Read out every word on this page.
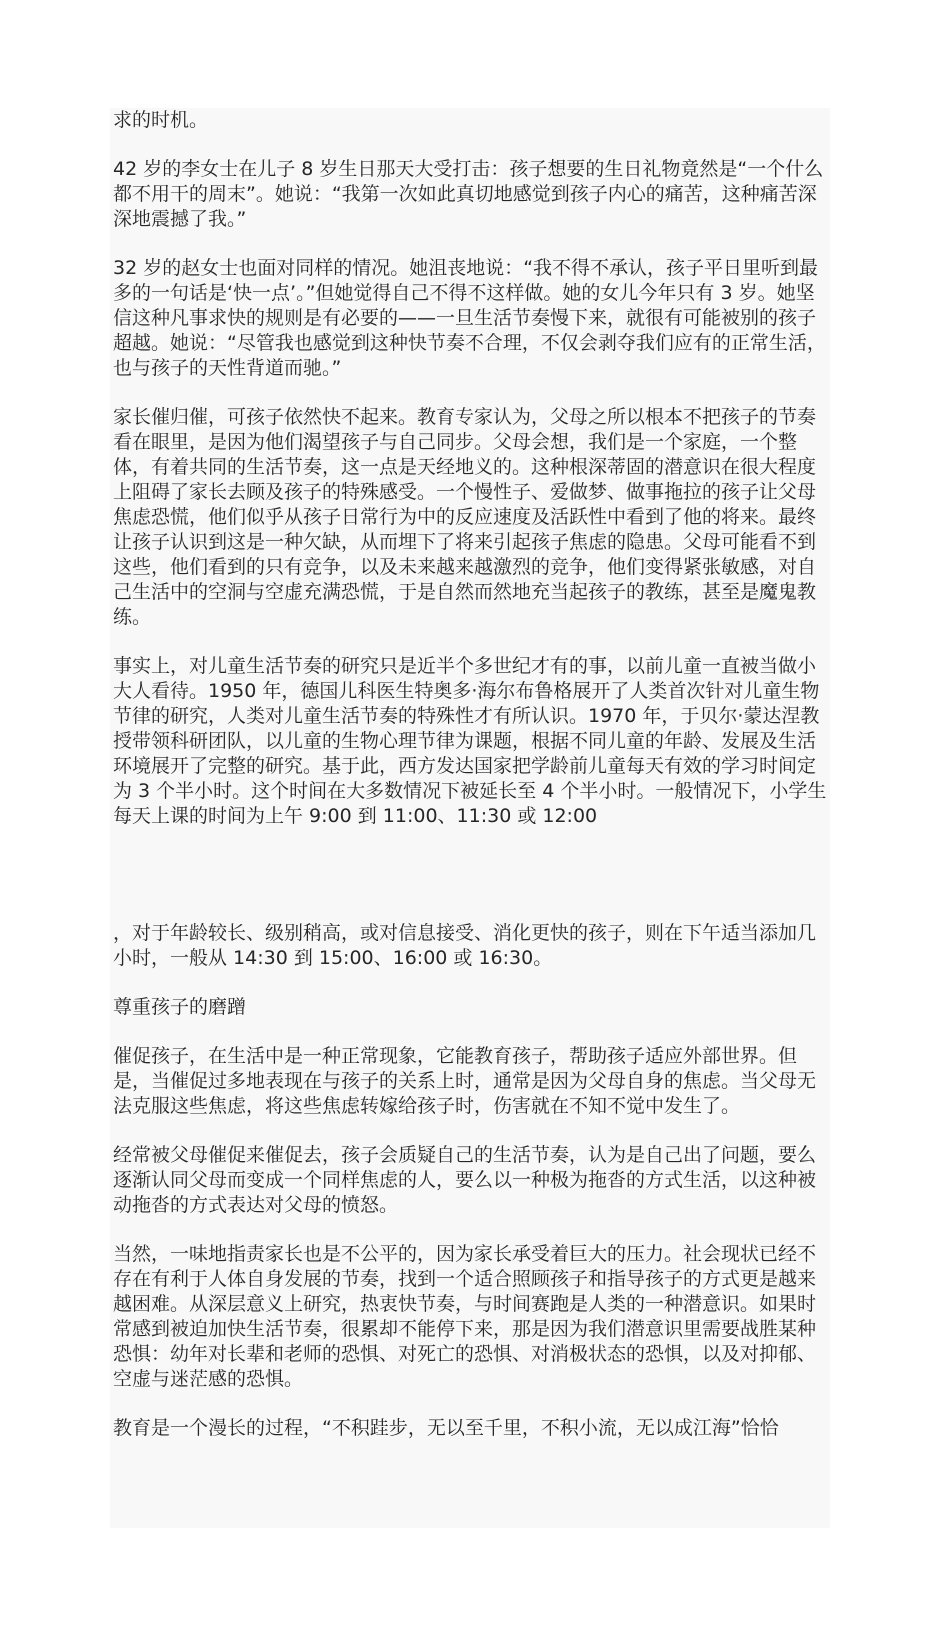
求的时机。
42 岁的李女士在儿子 8 岁生日那天大受打击：孩子想要的生日礼物竟然是“一个什么都不用干的周末”。她说：“我第一次如此真切地感觉到孩子内心的痛苦，这种痛苦深深地震撼了我。”
32 岁的赵女士也面对同样的情况。她沮丧地说：“我不得不承认，孩子平日里听到最多的一句话是‘快一点’。”但她觉得自己不得不这样做。她的女儿今年只有 3 岁。她坚信这种凡事求快的规则是有必要的——一旦生活节奏慢下来，就很有可能被别的孩子超越。她说：“尽管我也感觉到这种快节奏不合理，不仅会剥夺我们应有的正常生活，也与孩子的天性背道而驰。”
家长催归催，可孩子依然快不起来。教育专家认为，父母之所以根本不把孩子的节奏看在眼里，是因为他们渴望孩子与自己同步。父母会想，我们是一个家庭，一个整体，有着共同的生活节奏，这一点是天经地义的。这种根深蒂固的潜意识在很大程度上阻碍了家长去顾及孩子的特殊感受。一个慢性子、爱做梦、做事拖拉的孩子让父母焦虑恐慌，他们似乎从孩子日常行为中的反应速度及活跃性中看到了他的将来。最终让孩子认识到这是一种欠缺，从而埋下了将来引起孩子焦虑的隐患。父母可能看不到这些，他们看到的只有竞争，以及未来越来越激烈的竞争，他们变得紧张敏感，对自己生活中的空洞与空虚充满恐慌，于是自然而然地充当起孩子的教练，甚至是魔鬼教练。
事实上，对儿童生活节奏的研究只是近半个多世纪才有的事，以前儿童一直被当做小大人看待。1950 年，德国儿科医生特奥多·海尔布鲁格展开了人类首次针对儿童生物节律的研究，人类对儿童生活节奏的特殊性才有所认识。1970 年，于贝尔·蒙达涅教授带领科研团队，以儿童的生物心理节律为课题，根据不同儿童的年龄、发展及生活环境展开了完整的研究。基于此，西方发达国家把学龄前儿童每天有效的学习时间定为 3 个半小时。这个时间在大多数情况下被延长至 4 个半小时。一般情况下，小学生每天上课的时间为上午 9:00 到 11:00、11:30 或 12:00
，对于年龄较长、级别稍高，或对信息接受、消化更快的孩子，则在下午适当添加几小时，一般从 14:30 到 15:00、16:00 或 16:30。
尊重孩子的磨蹭
催促孩子，在生活中是一种正常现象，它能教育孩子，帮助孩子适应外部世界。但是，当催促过多地表现在与孩子的关系上时，通常是因为父母自身的焦虑。当父母无法克服这些焦虑，将这些焦虑转嫁给孩子时，伤害就在不知不觉中发生了。
经常被父母催促来催促去，孩子会质疑自己的生活节奏，认为是自己出了问题，要么逐渐认同父母而变成一个同样焦虑的人，要么以一种极为拖沓的方式生活，以这种被动拖沓的方式表达对父母的愤怒。
当然，一味地指责家长也是不公平的，因为家长承受着巨大的压力。社会现状已经不存在有利于人体自身发展的节奏，找到一个适合照顾孩子和指导孩子的方式更是越来越困难。从深层意义上研究，热衷快节奏，与时间赛跑是人类的一种潜意识。如果时常感到被迫加快生活节奏，很累却不能停下来，那是因为我们潜意识里需要战胜某种恐惧：幼年对长辈和老师的恐惧、对死亡的恐惧、对消极状态的恐惧，以及对抑郁、空虚与迷茫感的恐惧。
教育是一个漫长的过程，“不积跬步，无以至千里，不积小流，无以成江海”恰恰
